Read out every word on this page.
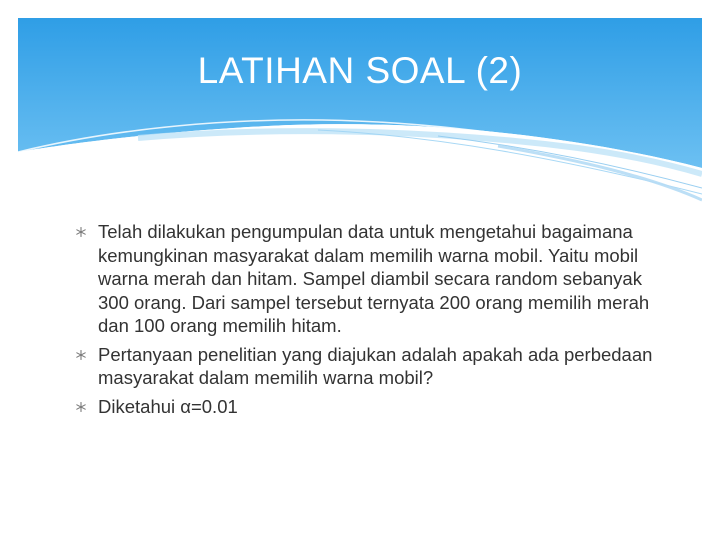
LATIHAN SOAL (2)
Telah dilakukan pengumpulan data untuk mengetahui bagaimana kemungkinan masyarakat dalam memilih warna mobil. Yaitu mobil warna merah dan hitam. Sampel diambil secara random sebanyak 300 orang. Dari sampel tersebut ternyata 200 orang memilih merah dan 100 orang memilih hitam.
Pertanyaan penelitian yang diajukan adalah apakah ada perbedaan masyarakat dalam memilih warna mobil?
Diketahui α=0.01
